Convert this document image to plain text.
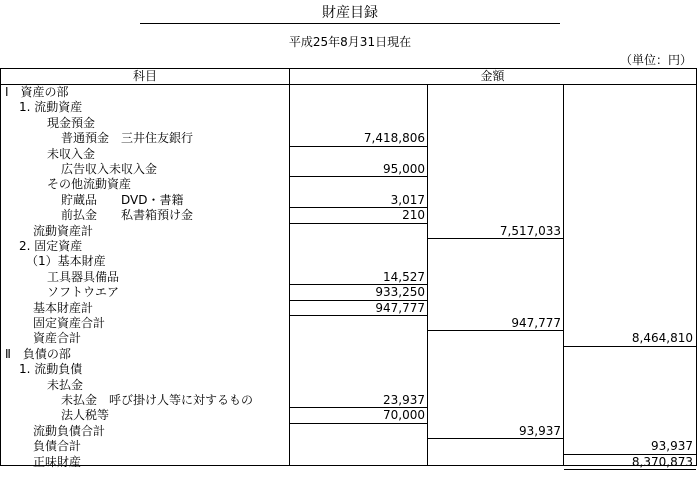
財産目録
平成25年8月31日現在
（単位：円）
科目	金額
Ⅰ　資産の部
1. 流動資産
現金預金
普通預金　三井住友銀行	7,418,806
未収入金
広告収入未収入金	95,000
その他流動資産
貯蔵品　　DVD・書籍	3,017
前払金　　私書箱預け金	210
流動資産計	7,517,033
2. 固定資産
（1）基本財産
工具器具備品	14,527
ソフトウエア	933,250
基本財産計	947,777
固定資産合計	947,777
資産合計	8,464,810
Ⅱ　負債の部
1. 流動負債
未払金
未払金　呼び掛け人等に対するもの	23,937
法人税等	70,000
流動負債合計	93,937
負債合計	93,937
正味財産	8,370,873
